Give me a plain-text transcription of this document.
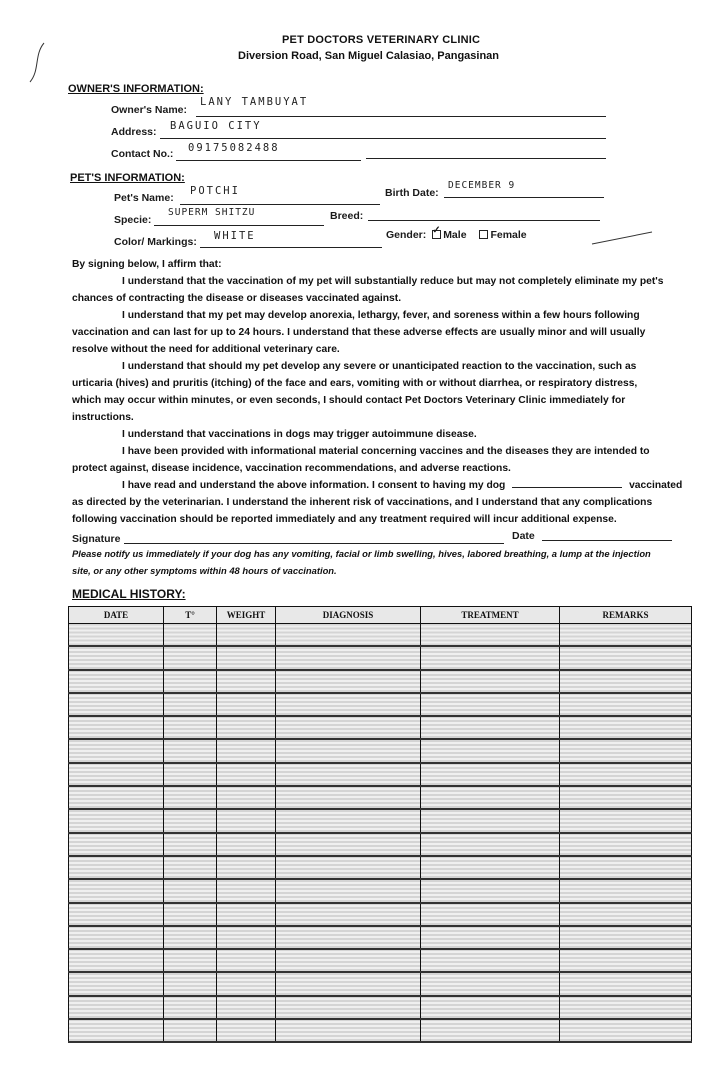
PET DOCTORS VETERINARY CLINIC
Diversion Road, San Miguel Calasiao, Pangasinan
OWNER'S INFORMATION:
Owner's Name:
LANY TAMBUYAT
Address: BAGUIO CITY
Contact No.: 09175082488
PET'S INFORMATION:
Pet's Name:
POTCHI	Birth Date:
DECEMBER 9
Specie:
SUPERM SHITZU	Breed:
Color/ Markings: WHITE	Gender: ✓ Male Female
By signing below, I affirm that:
I understand that the vaccination of my pet will substantially reduce but may not completely eliminate my pet's
chances of contracting the disease or diseases vaccinated against.
I understand that my pet may develop anorexia, lethargy, fever, and soreness within a few hours following
vaccination and can last for up to 24 hours. I understand that these adverse effects are usually minor and will usually
resolve without the need for additional veterinary care.
I understand that should my pet develop any severe or unanticipated reaction to the vaccination, such as
urticaria (hives) and pruritis (itching) of the face and ears, vomiting with or without diarrhea, or respiratory distress,
which may occur within minutes, or even seconds, I should contact Pet Doctors Veterinary Clinic immediately for
instructions.
I understand that vaccinations in dogs may trigger autoimmune disease.
I have been provided with informational material concerning vaccines and the diseases they are intended to
protect against, disease incidence, vaccination recommendations, and adverse reactions.
I have read and understand the above information. I consent to having my dog	vaccinated
as directed by the veterinarian. I understand the inherent risk of vaccinations, and I understand that any complications
following vaccination should be reported immediately and any treatment required will incur additional expense.
Signature	Date
Please notify us immediately if your dog has any vomiting, facial or limb swelling, hives, labored breathing, a lump at the injection
site, or any other symptoms within 48 hours of vaccination.
MEDICAL HISTORY:
DATE	T°	WEIGHT	DIAGNOSIS	TREATMENT	REMARKS
